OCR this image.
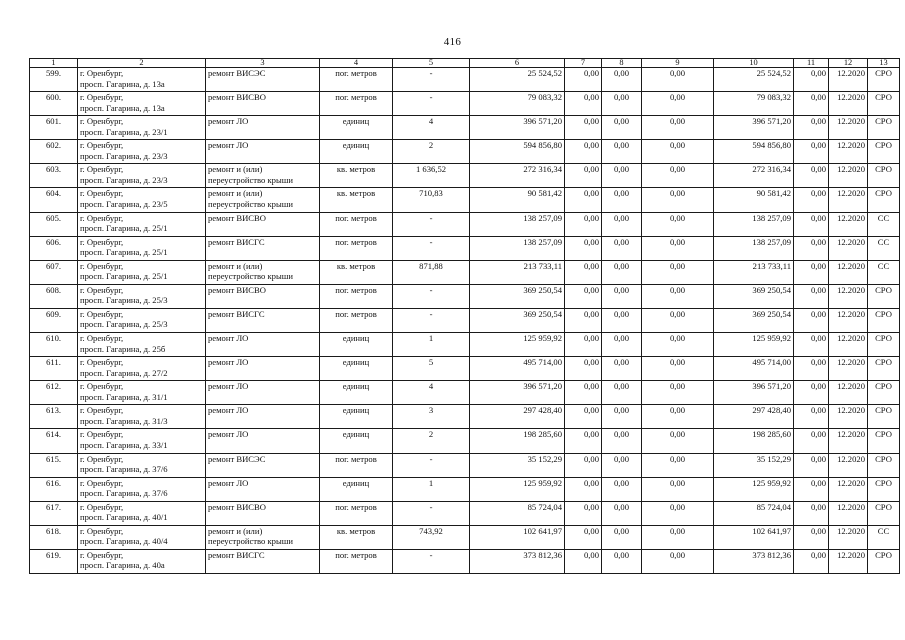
416
1	2	3	4	5	6	7	8	9	10	11	12	13

599.	г. Оренбург,
просп. Гагарина, д. 13а	ремонт ВИСЭС	пог. метров	-	25 524,52	0,00	0,00	0,00	25 524,52	0,00	12.2020	СРО

600.	г. Оренбург,
просп. Гагарина, д. 13а	ремонт ВИСВО	пог. метров	-	79 083,32	0,00	0,00	0,00	79 083,32	0,00	12.2020	СРО

601.	г. Оренбург,
просп. Гагарина, д. 23/1	ремонт ЛО	единиц	4	396 571,20	0,00	0,00	0,00	396 571,20	0,00	12.2020	СРО

602.	г. Оренбург,
просп. Гагарина, д. 23/3	ремонт ЛО	единиц	2	594 856,80	0,00	0,00	0,00	594 856,80	0,00	12.2020	СРО

603.	г. Оренбург,
просп. Гагарина, д. 23/3	ремонт и (или)
переустройство крыши	кв. метров	1 636,52	272 316,34	0,00	0,00	0,00	272 316,34	0,00	12.2020	СРО

604.	г. Оренбург,
просп. Гагарина, д. 23/5	ремонт и (или)
переустройство крыши	кв. метров	710,83	90 581,42	0,00	0,00	0,00	90 581,42	0,00	12.2020	СРО

605.	г. Оренбург,
просп. Гагарина, д. 25/1	ремонт ВИСВО	пог. метров	-	138 257,09	0,00	0,00	0,00	138 257,09	0,00	12.2020	СС

606.	г. Оренбург,
просп. Гагарина, д. 25/1	ремонт ВИСГС	пог. метров	-	138 257,09	0,00	0,00	0,00	138 257,09	0,00	12.2020	СС

607.	г. Оренбург,
просп. Гагарина, д. 25/1	ремонт и (или)
переустройство крыши	кв. метров	871,88	213 733,11	0,00	0,00	0,00	213 733,11	0,00	12.2020	СС

608.	г. Оренбург,
просп. Гагарина, д. 25/3	ремонт ВИСВО	пог. метров	-	369 250,54	0,00	0,00	0,00	369 250,54	0,00	12.2020	СРО

609.	г. Оренбург,
просп. Гагарина, д. 25/3	ремонт ВИСГС	пог. метров	-	369 250,54	0,00	0,00	0,00	369 250,54	0,00	12.2020	СРО

610.	г. Оренбург,
просп. Гагарина, д. 25б	ремонт ЛО	единиц	1	125 959,92	0,00	0,00	0,00	125 959,92	0,00	12.2020	СРО

611.	г. Оренбург,
просп. Гагарина, д. 27/2	ремонт ЛО	единиц	5	495 714,00	0,00	0,00	0,00	495 714,00	0,00	12.2020	СРО

612.	г. Оренбург,
просп. Гагарина, д. 31/1	ремонт ЛО	единиц	4	396 571,20	0,00	0,00	0,00	396 571,20	0,00	12.2020	СРО

613.	г. Оренбург,
просп. Гагарина, д. 31/3	ремонт ЛО	единиц	3	297 428,40	0,00	0,00	0,00	297 428,40	0,00	12.2020	СРО

614.	г. Оренбург,
просп. Гагарина, д. 33/1	ремонт ЛО	единиц	2	198 285,60	0,00	0,00	0,00	198 285,60	0,00	12.2020	СРО

615.	г. Оренбург,
просп. Гагарина, д. 37/6	ремонт ВИСЭС	пог. метров	-	35 152,29	0,00	0,00	0,00	35 152,29	0,00	12.2020	СРО

616.	г. Оренбург,
просп. Гагарина, д. 37/6	ремонт ЛО	единиц	1	125 959,92	0,00	0,00	0,00	125 959,92	0,00	12.2020	СРО

617.	г. Оренбург,
просп. Гагарина, д. 40/1	ремонт ВИСВО	пог. метров	-	85 724,04	0,00	0,00	0,00	85 724,04	0,00	12.2020	СРО

618.	г. Оренбург,
просп. Гагарина, д. 40/4	ремонт и (или)
переустройство крыши	кв. метров	743,92	102 641,97	0,00	0,00	0,00	102 641,97	0,00	12.2020	СС

619.	г. Оренбург,
просп. Гагарина, д. 40а	ремонт ВИСГС	пог. метров	-	373 812,36	0,00	0,00	0,00	373 812,36	0,00	12.2020	СРО
